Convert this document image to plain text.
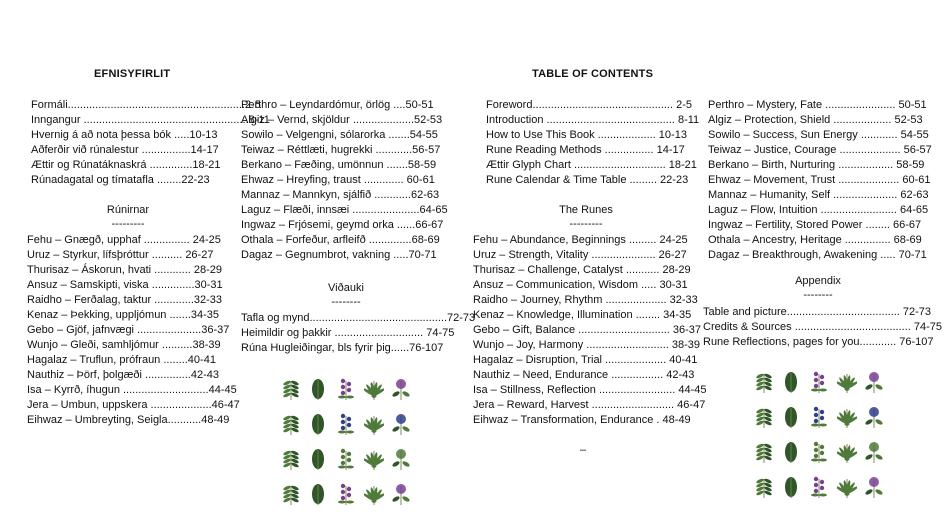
EFNISYFIRLIT
Formáli..........................................................2-5
Inngangur ......................................................8-11
Hvernig á að nota þessa bók .....10-13
Aðferðir við rúnalestur ................14-17
Ættir og Rúnatáknaskrá ..............18-21
Rúnadagatal og tímatafla ........22-23
Rúnirnar
---------
Fehu – Gnægð, upphaf ............... 24-25
Uruz – Styrkur, lífsþróttur .......... 26-27
Thurisaz – Áskorun, hvati ............ 28-29
Ansuz – Samskipti, viska ..............30-31
Raidho – Ferðalag, taktur .............32-33
Kenaz – Þekking, uppljómun .......34-35
Gebo – Gjöf, jafnvægi .....................36-37
Wunjo – Gleði, samhljómur ..........38-39
Hagalaz – Truflun, prófraun ........40-41
Nauthiz – Þörf, þolgæði ...............42-43
Isa – Kyrrð, íhugun ............................44-45
Jera – Umbun, uppskera ....................46-47
Eihwaz – Umbreyting, Seigla...........48-49
Perthro – Leyndardómur, örlög ....50-51
Algiz – Vernd, skjöldur ....................52-53
Sowilo – Velgengni, sólarorka .......54-55
Teiwaz – Réttlæti, hugrekki ............56-57
Berkano – Fæðing, umönnun .......58-59
Ehwaz – Hreyfing, traust ............. 60-61
Mannaz – Mannkyn, sjálfið ............62-63
Laguz – Flæði, innsæi ......................64-65
Ingwaz – Frjósemi, geymd orka ......66-67
Othala – Forfeður, arfleifð ..............68-69
Dagaz – Gegnumbrot, vakning .....70-71
Viðauki
--------
Tafla og mynd.............................................72-73
Heimildir og þakkir ............................. 74-75
Rúna Hugleiðingar, bls fyrir þig......76-107
TABLE OF CONTENTS
Foreword.............................................. 2-5
Introduction .......................................... 8-11
How to Use This Book ................... 10-13
Rune Reading Methods ................ 14-17
Ættir Glyph Chart .............................. 18-21
Rune Calendar & Time Table ......... 22-23
The Runes
---------
Fehu – Abundance, Beginnings ......... 24-25
Uruz – Strength, Vitality ..................... 26-27
Thurisaz – Challenge, Catalyst ........... 28-29
Ansuz – Communication, Wisdom ..... 30-31
Raidho – Journey, Rhythm .................... 32-33
Kenaz – Knowledge, Illumination ........ 34-35
Gebo – Gift, Balance .............................. 36-37
Wunjo – Joy, Harmony ........................... 38-39
Hagalaz – Disruption, Trial .................... 40-41
Nauthiz – Need, Endurance ................. 42-43
Isa – Stillness, Reflection ......................... 44-45
Jera – Reward, Harvest ........................... 46-47
Eihwaz – Transformation, Endurance . 48-49
Perthro – Mystery, Fate ....................... 50-51
Algiz – Protection, Shield ................... 52-53
Sowilo – Success, Sun Energy ............ 54-55
Teiwaz – Justice, Courage .................... 56-57
Berkano – Birth, Nurturing .................. 58-59
Ehwaz – Movement, Trust .................... 60-61
Mannaz – Humanity, Self ..................... 62-63
Laguz – Flow, Intuition ......................... 64-65
Ingwaz – Fertility, Stored Power ........ 66-67
Othala – Ancestry, Heritage ............... 68-69
Dagaz – Breakthrough, Awakening ..... 70-71
Appendix
--------
Table and picture..................................... 72-73
Credits & Sources ...................................... 74-75
Rune Reflections, pages for you............ 76-107
–
